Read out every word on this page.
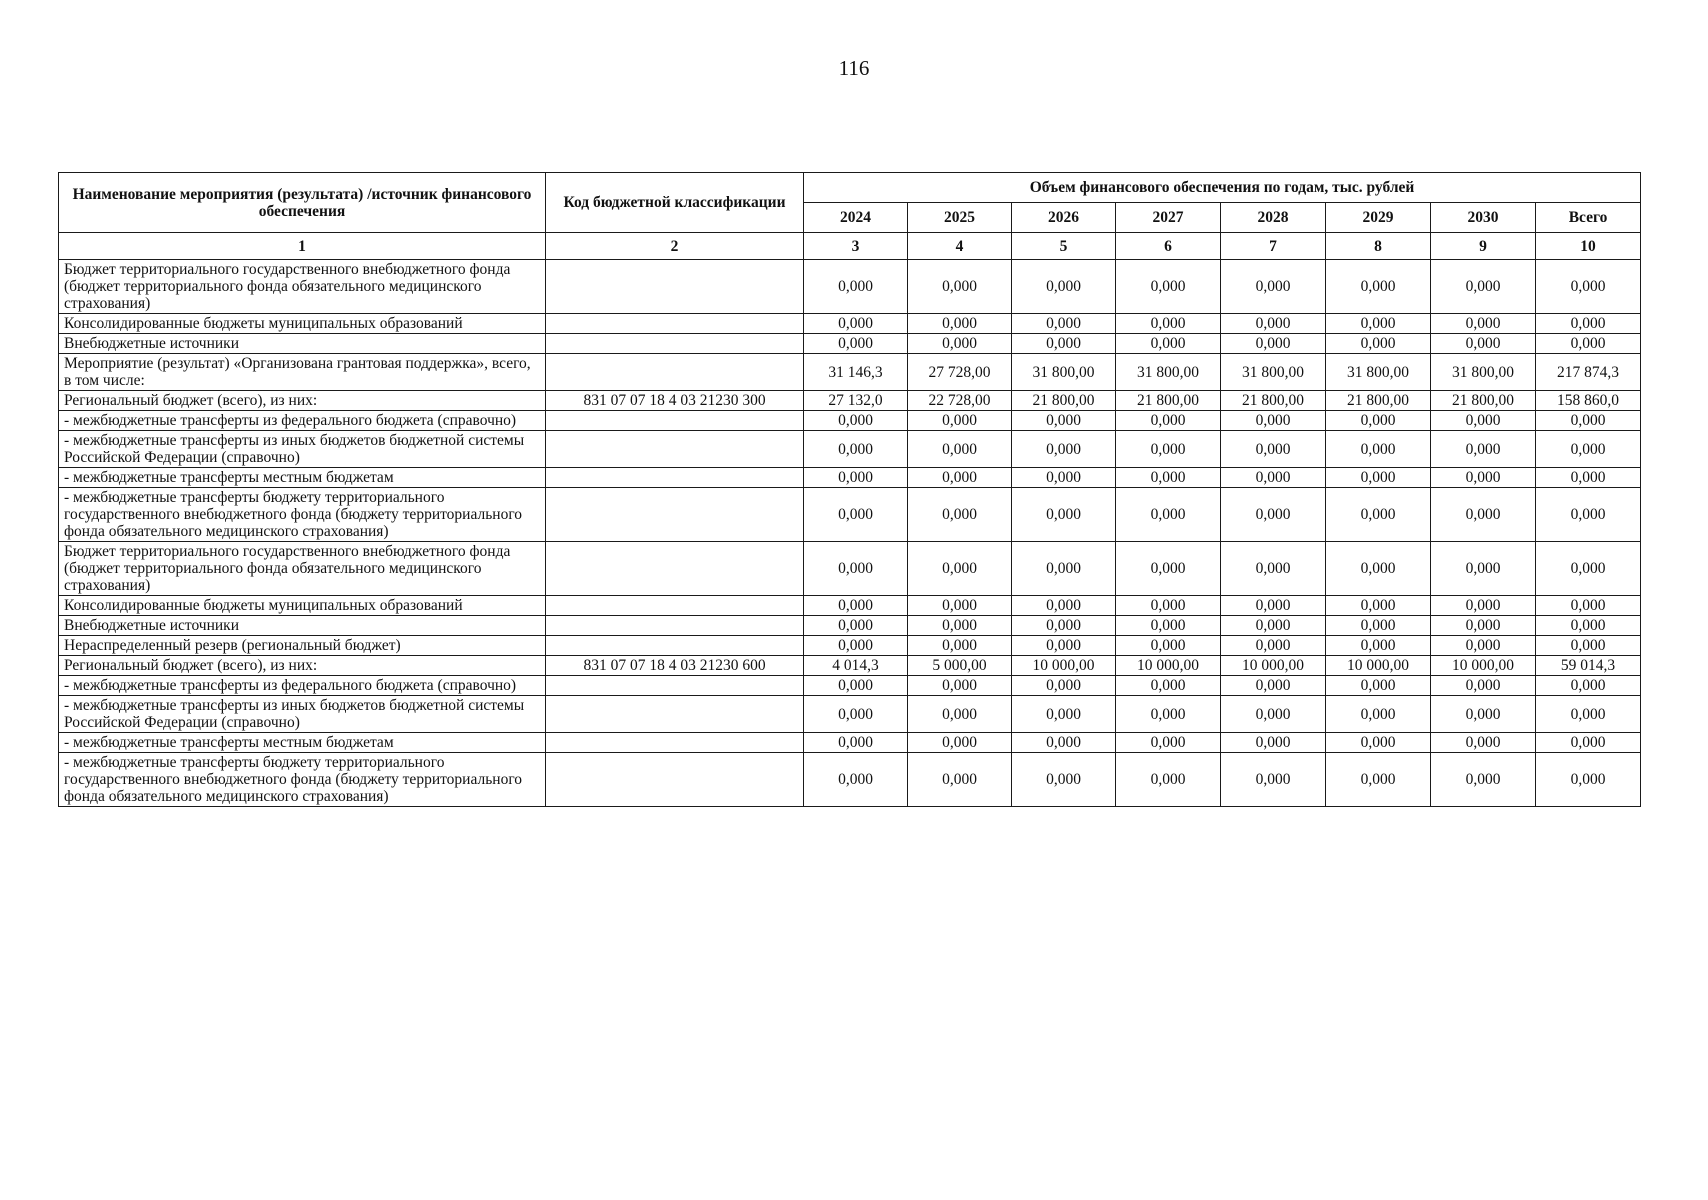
116
Наименование мероприятия (результата) /источник финансового обеспечения	Код бюджетной классификации	Объем финансового обеспечения по годам, тыс. рублей							
		2024	2025	2026	2027	2028	2029	2030	Всего
1	2	3	4	5	6	7	8	9	10
Бюджет территориального государственного внебюджетного фонда (бюджет территориального фонда обязательного медицинского страхования)		0,000	0,000	0,000	0,000	0,000	0,000	0,000	0,000
Консолидированные бюджеты муниципальных образований		0,000	0,000	0,000	0,000	0,000	0,000	0,000	0,000
Внебюджетные источники		0,000	0,000	0,000	0,000	0,000	0,000	0,000	0,000
Мероприятие (результат) «Организована грантовая поддержка», всего, в том числе:		31 146,3	27 728,00	31 800,00	31 800,00	31 800,00	31 800,00	31 800,00	217 874,3
Региональный бюджет (всего), из них:	831 07 07 18 4 03 21230 300	27 132,0	22 728,00	21 800,00	21 800,00	21 800,00	21 800,00	21 800,00	158 860,0
- межбюджетные трансферты из федерального бюджета (справочно)		0,000	0,000	0,000	0,000	0,000	0,000	0,000	0,000
- межбюджетные трансферты из иных бюджетов бюджетной системы Российской Федерации (справочно)		0,000	0,000	0,000	0,000	0,000	0,000	0,000	0,000
- межбюджетные трансферты местным бюджетам		0,000	0,000	0,000	0,000	0,000	0,000	0,000	0,000
- межбюджетные трансферты бюджету территориального государственного внебюджетного фонда (бюджету территориального фонда обязательного медицинского страхования)		0,000	0,000	0,000	0,000	0,000	0,000	0,000	0,000
Бюджет территориального государственного внебюджетного фонда (бюджет территориального фонда обязательного медицинского страхования)		0,000	0,000	0,000	0,000	0,000	0,000	0,000	0,000
Консолидированные бюджеты муниципальных образований		0,000	0,000	0,000	0,000	0,000	0,000	0,000	0,000
Внебюджетные источники		0,000	0,000	0,000	0,000	0,000	0,000	0,000	0,000
Нераспределенный резерв (региональный бюджет)		0,000	0,000	0,000	0,000	0,000	0,000	0,000	0,000
Региональный бюджет (всего), из них:	831 07 07 18 4 03 21230 600	4 014,3	5 000,00	10 000,00	10 000,00	10 000,00	10 000,00	10 000,00	59 014,3
- межбюджетные трансферты из федерального бюджета (справочно)		0,000	0,000	0,000	0,000	0,000	0,000	0,000	0,000
- межбюджетные трансферты из иных бюджетов бюджетной системы Российской Федерации (справочно)		0,000	0,000	0,000	0,000	0,000	0,000	0,000	0,000
- межбюджетные трансферты местным бюджетам		0,000	0,000	0,000	0,000	0,000	0,000	0,000	0,000
- межбюджетные трансферты бюджету территориального государственного внебюджетного фонда (бюджету территориального фонда обязательного медицинского страхования)		0,000	0,000	0,000	0,000	0,000	0,000	0,000	0,000
